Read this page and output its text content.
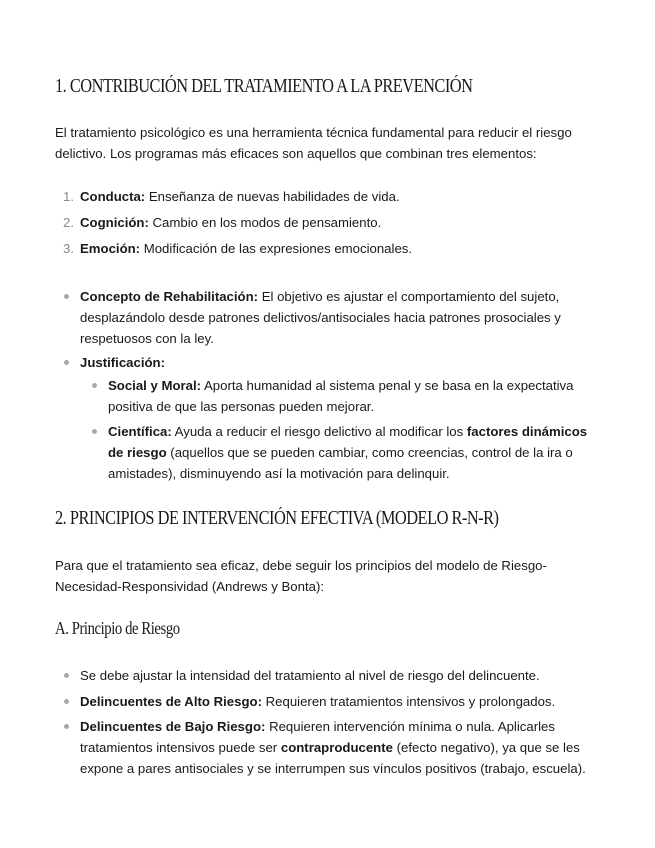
1. CONTRIBUCIÓN DEL TRATAMIENTO A LA PREVENCIÓN

El tratamiento psicológico es una herramienta técnica fundamental para reducir el riesgo delictivo. Los programas más eficaces son aquellos que combinan tres elementos:

1. Conducta: Enseñanza de nuevas habilidades de vida.

2. Cognición: Cambio en los modos de pensamiento.

3. Emoción: Modificación de las expresiones emocionales.

Concepto de Rehabilitación: El objetivo es ajustar el comportamiento del sujeto, desplazándolo desde patrones delictivos/antisociales hacia patrones prosociales y respetuosos con la ley.

Justificación:

Social y Moral: Aporta humanidad al sistema penal y se basa en la expectativa positiva de que las personas pueden mejorar.

Científica: Ayuda a reducir el riesgo delictivo al modificar los factores dinámicos de riesgo (aquellos que se pueden cambiar, como creencias, control de la ira o amistades), disminuyendo así la motivación para delinquir.

2. PRINCIPIOS DE INTERVENCIÓN EFECTIVA (MODELO R-N-R)

Para que el tratamiento sea eficaz, debe seguir los principios del modelo de Riesgo-Necesidad-Responsividad (Andrews y Bonta):

A. Principio de Riesgo

Se debe ajustar la intensidad del tratamiento al nivel de riesgo del delincuente.

Delincuentes de Alto Riesgo: Requieren tratamientos intensivos y prolongados.

Delincuentes de Bajo Riesgo: Requieren intervención mínima o nula. Aplicarles tratamientos intensivos puede ser contraproducente (efecto negativo), ya que se les expone a pares antisociales y se interrumpen sus vínculos positivos (trabajo, escuela).
